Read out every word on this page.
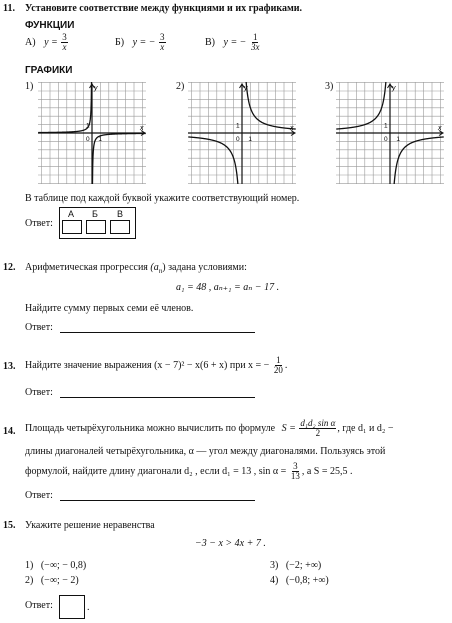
11. Установите соответствие между функциями и их графиками.
ФУНКЦИИ
А) $y = \frac{3}{x}$	Б) y = − $\frac{3}{x}$	В) y = − $\frac{1}{3x}$
ГРАФИКИ
1)	2)	3)
x
y
0 1
1	x
y
0 1
1	x
y
0 1
1
В таблице под каждой буквой укажите соответствующий номер.
Ответ:
А Б В
12. Арифметическая прогрессия $(a_n)$ задана условиями:
a₁ = 48 , aₙ₊₁ = aₙ − 17 .
Найдите сумму первых семи её членов.
Ответ:
13. Найдите значение выражения (x − 7)² − x(6 + x) при x = − $\frac{1}{20}$ .
Ответ:
14. Площадь четырёхугольника можно вычислить по формуле $S = \frac{\text{d₁d₂ sin α}}{2}$ , где d₁ и d₂ −
длины диагоналей четырёхугольника, α — угол между диагоналями. Пользуясь этой
формулой, найдите длину диагонали d₂ , если d₁ = 13 , $\sin \alpha = \frac{3}{13}$ , а S = 25,5 .
Ответ:
15. Укажите решение неравенства
−3 − x > 4x + 7 .
1) (−∞; − 0,8)
2) (−∞; − 2)
3) (−2; +∞)
4) (−0,8; +∞)
Ответ:	.
